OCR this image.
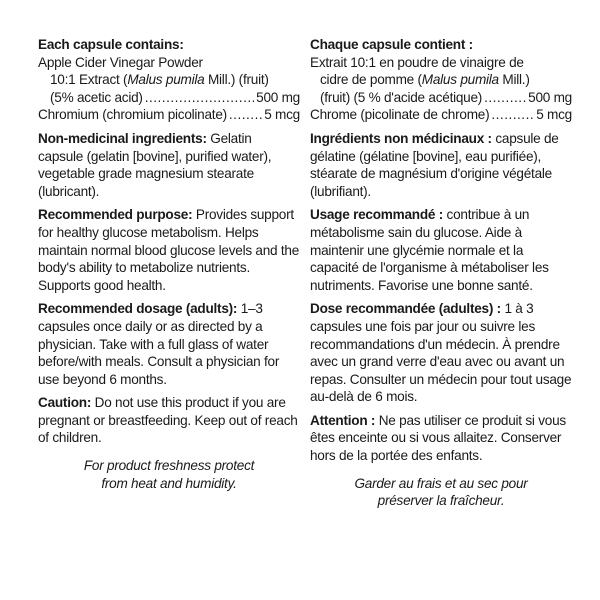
Each capsule contains:

Apple Cider Vinegar Powder
10:1 Extract (Malus pumila Mill.) (fruit)
(5% acetic acid) .....	500 mg
Chromium (chromium picolinate) .....	5 mcg

Non-medicinal ingredients: Gelatin capsule (gelatin [bovine], purified water), vegetable grade magnesium stearate (lubricant).

Recommended purpose: Provides support for healthy glucose metabolism. Helps maintain normal blood glucose levels and the body's ability to metabolize nutrients. Supports good health.

Recommended dosage (adults): 1–3 capsules once daily or as directed by a physician. Take with a full glass of water before/with meals. Consult a physician for use beyond 6 months.

Caution: Do not use this product if you are pregnant or breastfeeding. Keep out of reach of children.

For product freshness protect
from heat and humidity.

Chaque capsule contient :

Extrait 10:1 en poudre de vinaigre de
cidre de pomme (Malus pumila Mill.)
(fruit) (5 % d'acide acétique) .....	500 mg
Chrome (picolinate de chrome) .....	5 mcg

Ingrédients non médicinaux : capsule de gélatine (gélatine [bovine], eau purifiée), stéarate de magnésium d'origine végétale (lubrifiant).

Usage recommandé : contribue à un métabolisme sain du glucose. Aide à maintenir une glycémie normale et la capacité de l'organisme à métaboliser les nutriments. Favorise une bonne santé.

Dose recommandée (adultes) : 1 à 3 capsules une fois par jour ou suivre les recommandations d'un médecin. À prendre avec un grand verre d'eau avec ou avant un repas. Consulter un médecin pour tout usage au-delà de 6 mois.

Attention : Ne pas utiliser ce produit si vous êtes enceinte ou si vous allaitez. Conserver hors de la portée des enfants.

Garder au frais et au sec pour
préserver la fraîcheur.
